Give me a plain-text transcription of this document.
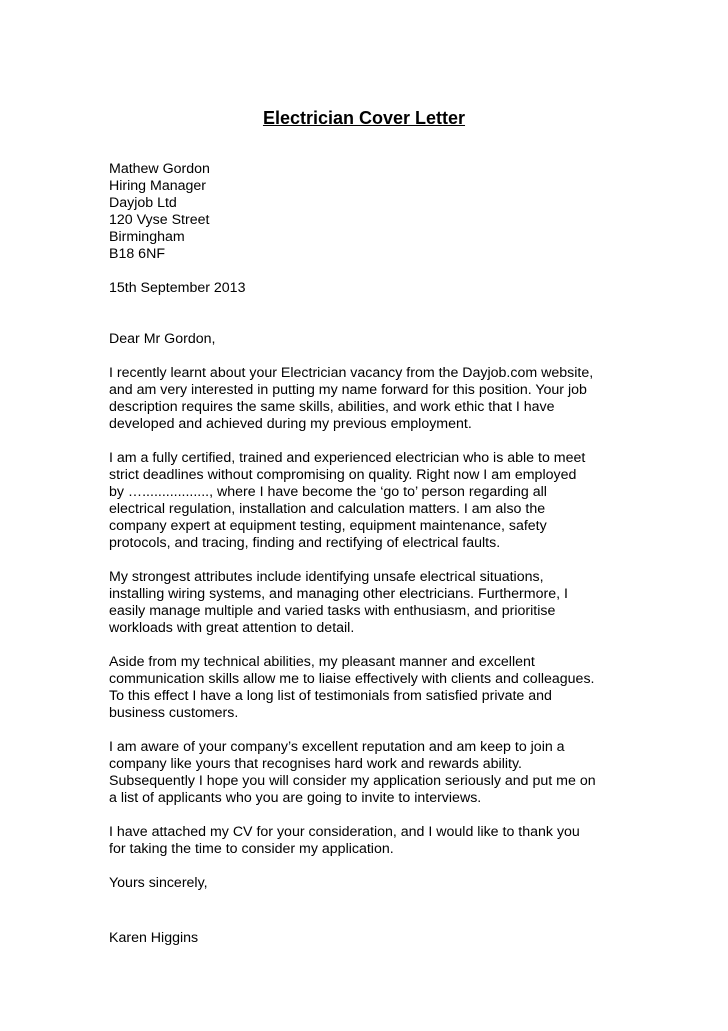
Electrician Cover Letter
Mathew Gordon
Hiring Manager
Dayjob Ltd
120 Vyse Street
Birmingham
B18 6NF
15th September 2013
Dear Mr Gordon,
I recently learnt about your Electrician vacancy from the Dayjob.com website,
and am very interested in putting my name forward for this position. Your job
description requires the same skills, abilities, and work ethic that I have
developed and achieved during my previous employment.
I am a fully certified, trained and experienced electrician who is able to meet
strict deadlines without compromising on quality. Right now I am employed
by …................., where I have become the ‘go to’ person regarding all
electrical regulation, installation and calculation matters. I am also the
company expert at equipment testing, equipment maintenance, safety
protocols, and tracing, finding and rectifying of electrical faults.
My strongest attributes include identifying unsafe electrical situations,
installing wiring systems, and managing other electricians. Furthermore, I
easily manage multiple and varied tasks with enthusiasm, and prioritise
workloads with great attention to detail.
Aside from my technical abilities, my pleasant manner and excellent
communication skills allow me to liaise effectively with clients and colleagues.
To this effect I have a long list of testimonials from satisfied private and
business customers.
I am aware of your company’s excellent reputation and am keep to join a
company like yours that recognises hard work and rewards ability.
Subsequently I hope you will consider my application seriously and put me on
a list of applicants who you are going to invite to interviews.
I have attached my CV for your consideration, and I would like to thank you
for taking the time to consider my application.
Yours sincerely,
Karen Higgins
